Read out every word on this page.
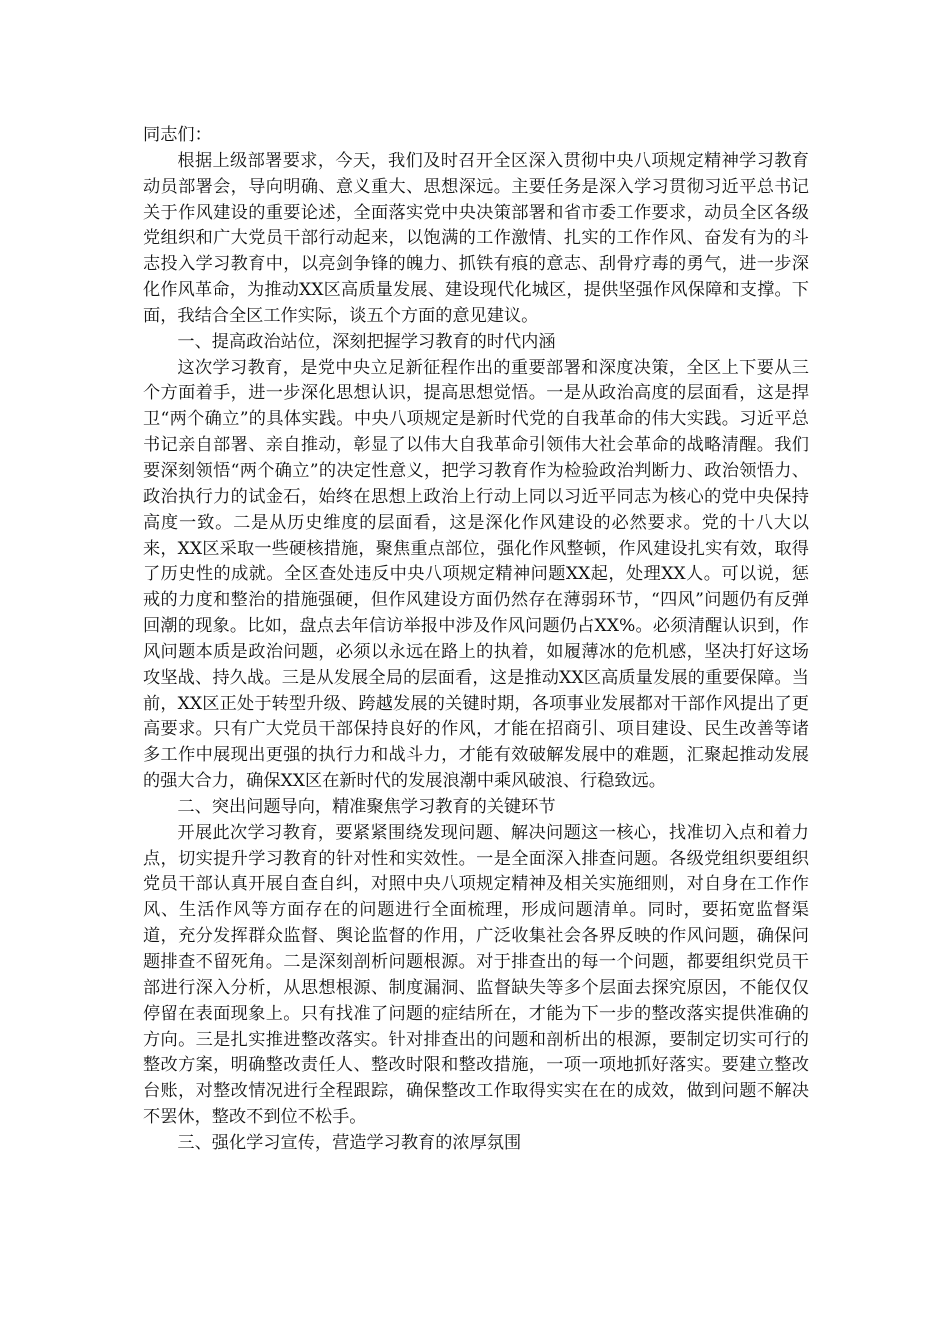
同志们：

根据上级部署要求，今天，我们及时召开全区深入贯彻中央八项规定精神学习教育动员部署会，导向明确、意义重大、思想深远。主要任务是深入学习贯彻习近平总书记关于作风建设的重要论述，全面落实党中央决策部署和省市委工作要求，动员全区各级党组织和广大党员干部行动起来，以饱满的工作激情、扎实的工作作风、奋发有为的斗志投入学习教育中，以亮剑争锋的魄力、抓铁有痕的意志、刮骨疗毒的勇气，进一步深化作风革命，为推动XX区高质量发展、建设现代化城区，提供坚强作风保障和支撑。下面，我结合全区工作实际，谈五个方面的意见建议。

一、提高政治站位，深刻把握学习教育的时代内涵

这次学习教育，是党中央立足新征程作出的重要部署和深度决策，全区上下要从三个方面着手，进一步深化思想认识，提高思想觉悟。一是从政治高度的层面看，这是捍卫“两个确立”的具体实践。中央八项规定是新时代党的自我革命的伟大实践。习近平总书记亲自部署、亲自推动，彰显了以伟大自我革命引领伟大社会革命的战略清醒。我们要深刻领悟“两个确立”的决定性意义，把学习教育作为检验政治判断力、政治领悟力、政治执行力的试金石，始终在思想上政治上行动上同以习近平同志为核心的党中央保持高度一致。二是从历史维度的层面看，这是深化作风建设的必然要求。党的十八大以来，XX区采取一些硬核措施，聚焦重点部位，强化作风整顿，作风建设扎实有效，取得了历史性的成就。全区查处违反中央八项规定精神问题XX起，处理XX人。可以说，惩戒的力度和整治的措施强硬，但作风建设方面仍然存在薄弱环节，“四风”问题仍有反弹回潮的现象。比如，盘点去年信访举报中涉及作风问题仍占XX%。必须清醒认识到，作风问题本质是政治问题，必须以永远在路上的执着，如履薄冰的危机感，坚决打好这场攻坚战、持久战。三是从发展全局的层面看，这是推动XX区高质量发展的重要保障。当前，XX区正处于转型升级、跨越发展的关键时期，各项事业发展都对干部作风提出了更高要求。只有广大党员干部保持良好的作风，才能在招商引、项目建设、民生改善等诸多工作中展现出更强的执行力和战斗力，才能有效破解发展中的难题，汇聚起推动发展的强大合力，确保XX区在新时代的发展浪潮中乘风破浪、行稳致远。

二、突出问题导向，精准聚焦学习教育的关键环节

开展此次学习教育，要紧紧围绕发现问题、解决问题这一核心，找准切入点和着力点，切实提升学习教育的针对性和实效性。一是全面深入排查问题。各级党组织要组织党员干部认真开展自查自纠，对照中央八项规定精神及相关实施细则，对自身在工作作风、生活作风等方面存在的问题进行全面梳理，形成问题清单。同时，要拓宽监督渠道，充分发挥群众监督、舆论监督的作用，广泛收集社会各界反映的作风问题，确保问题排查不留死角。二是深刻剖析问题根源。对于排查出的每一个问题，都要组织党员干部进行深入分析，从思想根源、制度漏洞、监督缺失等多个层面去探究原因，不能仅仅停留在表面现象上。只有找准了问题的症结所在，才能为下一步的整改落实提供准确的方向。三是扎实推进整改落实。针对排查出的问题和剖析出的根源，要制定切实可行的整改方案，明确整改责任人、整改时限和整改措施，一项一项地抓好落实。要建立整改台账，对整改情况进行全程跟踪，确保整改工作取得实实在在的成效，做到问题不解决不罢休，整改不到位不松手。

三、强化学习宣传，营造学习教育的浓厚氛围
